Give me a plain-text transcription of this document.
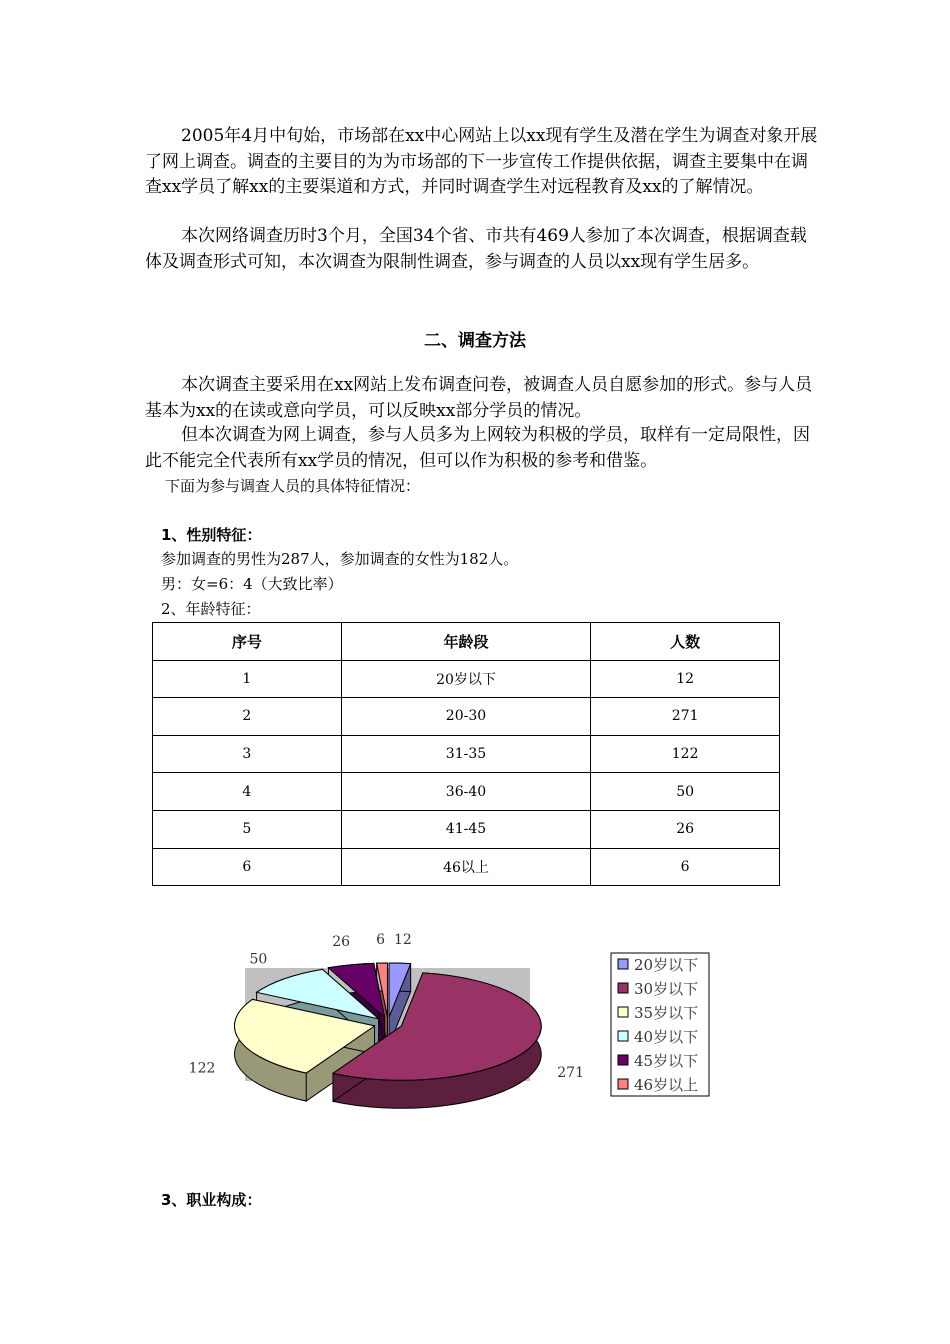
2005年4月中旬始，市场部在xx中心网站上以xx现有学生及潜在学生为调查对象开展了网上调查。调查的主要目的为为市场部的下一步宣传工作提供依据，调查主要集中在调查xx学员了解xx的主要渠道和方式，并同时调查学生对远程教育及xx的了解情况。

本次网络调查历时3个月，全国34个省、市共有469人参加了本次调查，根据调查载体及调查形式可知，本次调查为限制性调查，参与调查的人员以xx现有学生居多。

二、调查方法

本次调查主要采用在xx网站上发布调查问卷，被调查人员自愿参加的形式。参与人员基本为xx的在读或意向学员，可以反映xx部分学员的情况。

但本次调查为网上调查，参与人员多为上网较为积极的学员，取样有一定局限性，因此不能完全代表所有xx学员的情况，但可以作为积极的参考和借鉴。

下面为参与调查人员的具体特征情况：

1、性别特征：

参加调查的男性为287人，参加调查的女性为182人。

男：女=6：4（大致比率）

2、年龄特征：

序号	年龄段	人数
1	20岁以下	12
2	20-30	271
3	31-35	122
4	36-40	50
5	41-45	26
6	46以上	6
12
271
122
50
26 6
20岁以下
30岁以下
35岁以下
40岁以下
45岁以下
46岁以上

3、职业构成：
